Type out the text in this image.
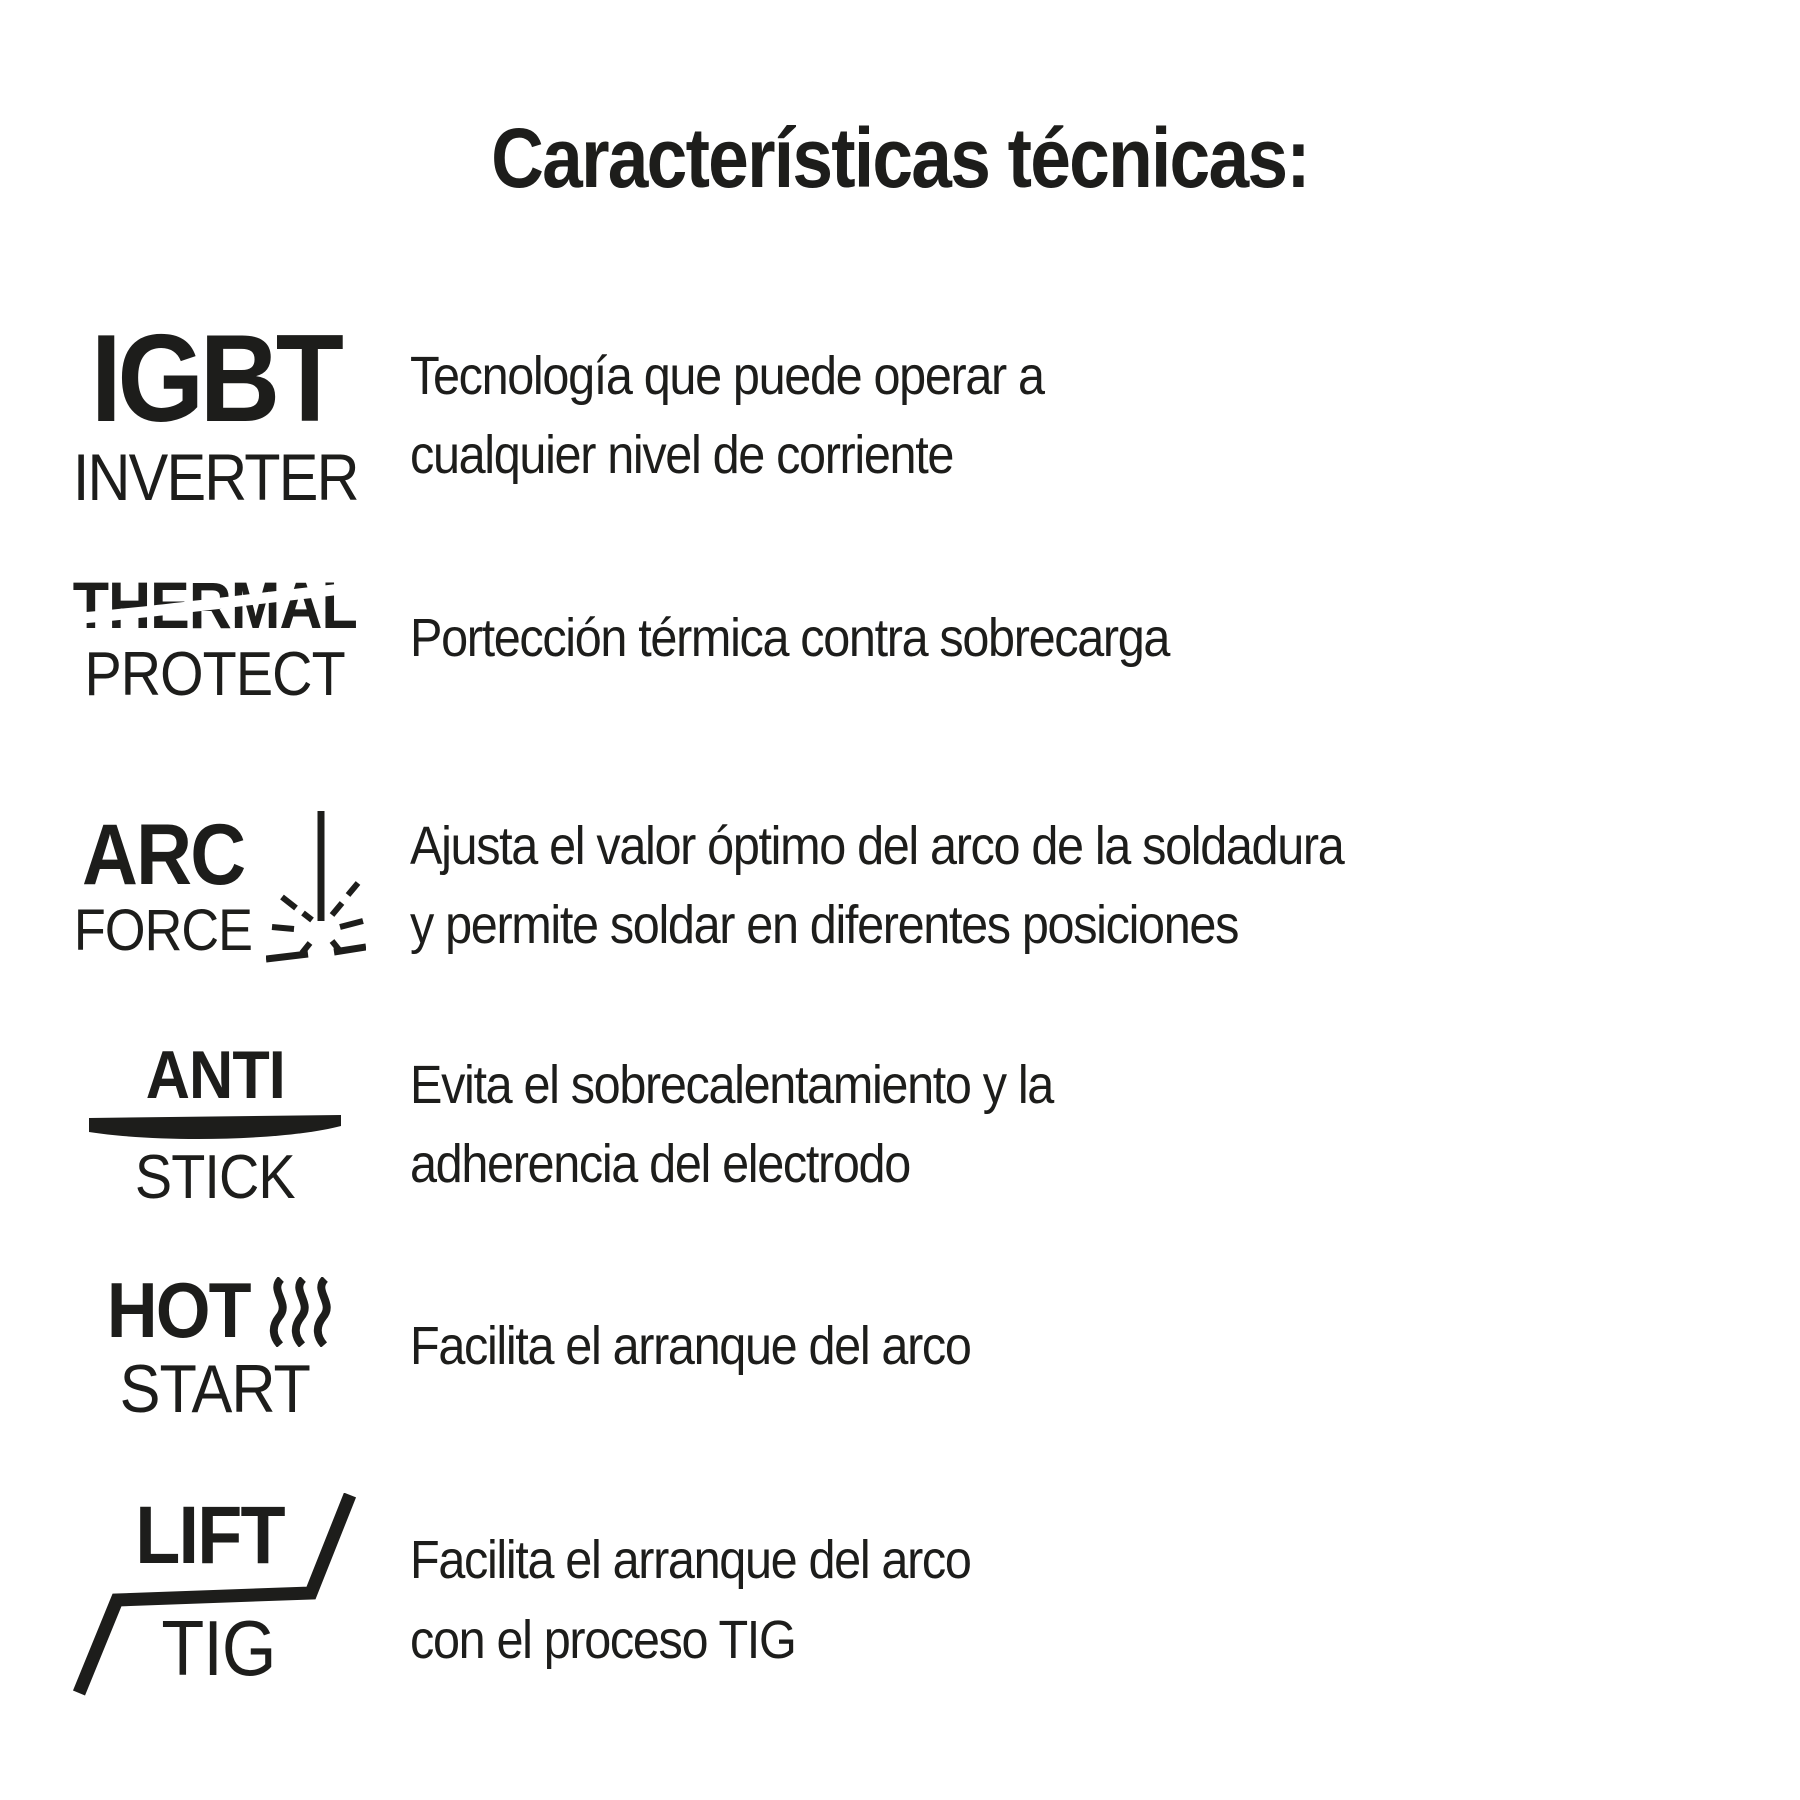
Características técnicas:
IGBT
INVERTER
Tecnología que puede operar a
cualquier nivel de corriente
THERMAL
PROTECT
Portección térmica contra sobrecarga
ARC
FORCE
Ajusta el valor óptimo del arco de la soldadura
y permite soldar en diferentes posiciones
ANTI
STICK
Evita el sobrecalentamiento y la
adherencia del electrodo
HOT
START
Facilita el arranque del arco
LIFT
TIG
Facilita el arranque del arco
con el proceso TIG
